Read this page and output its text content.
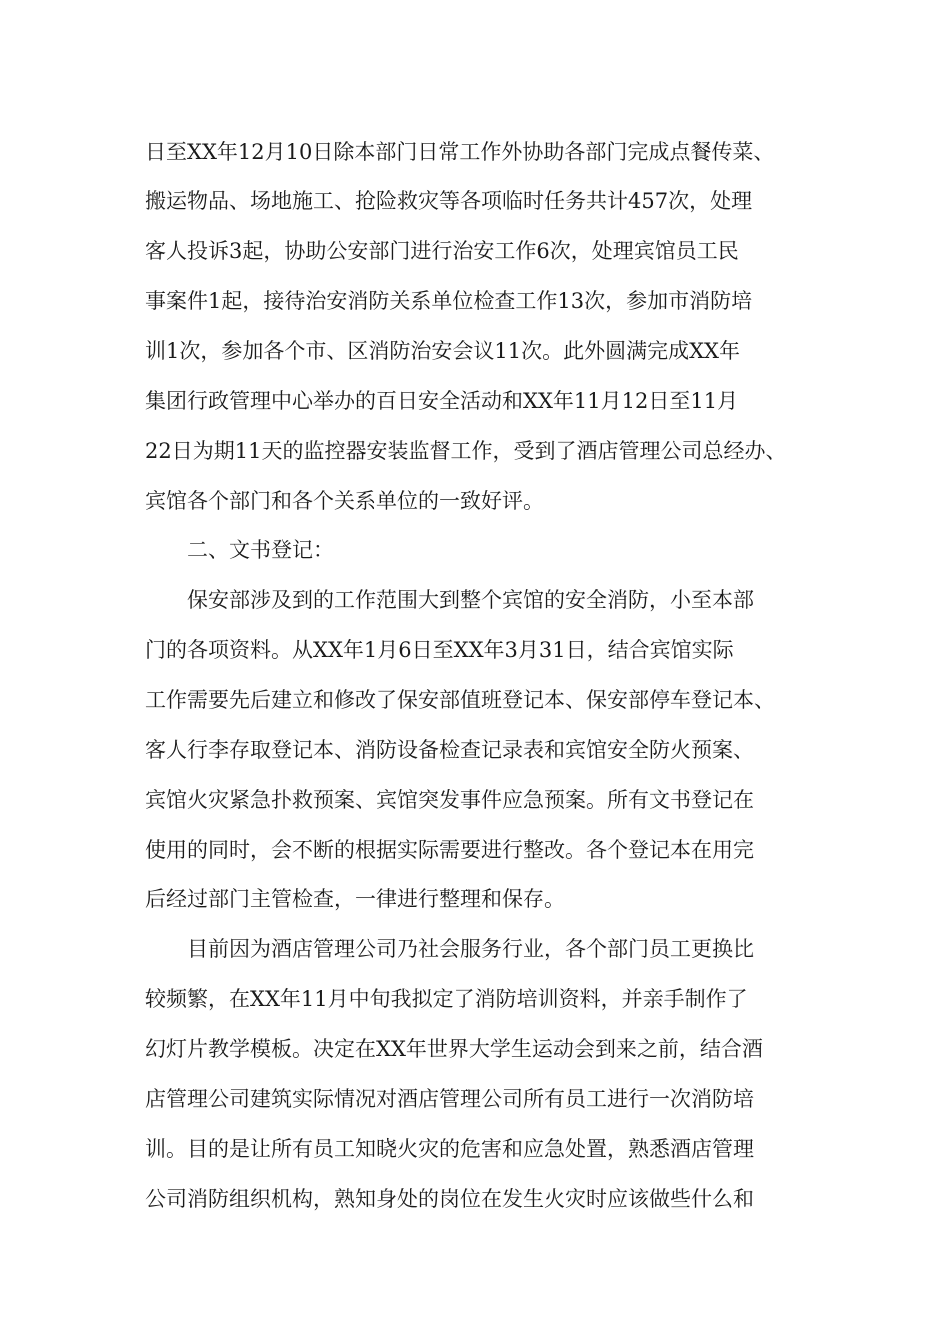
日至XX年12月10日除本部门日常工作外协助各部门完成点餐传菜、
搬运物品、场地施工、抢险救灾等各项临时任务共计457次，处理
客人投诉3起，协助公安部门进行治安工作6次，处理宾馆员工民
事案件1起，接待治安消防关系单位检查工作13次，参加市消防培
训1次，参加各个市、区消防治安会议11次。此外圆满完成XX年
集团行政管理中心举办的百日安全活动和XX年11月12日至11月
22日为期11天的监控器安装监督工作，受到了酒店管理公司总经办、
宾馆各个部门和各个关系单位的一致好评。
二、文书登记：
保安部涉及到的工作范围大到整个宾馆的安全消防，小至本部
门的各项资料。从XX年1月6日至XX年3月31日，结合宾馆实际
工作需要先后建立和修改了保安部值班登记本、保安部停车登记本、
客人行李存取登记本、消防设备检查记录表和宾馆安全防火预案、
宾馆火灾紧急扑救预案、宾馆突发事件应急预案。所有文书登记在
使用的同时，会不断的根据实际需要进行整改。各个登记本在用完
后经过部门主管检查，一律进行整理和保存。
目前因为酒店管理公司乃社会服务行业，各个部门员工更换比
较频繁，在XX年11月中旬我拟定了消防培训资料，并亲手制作了
幻灯片教学模板。决定在XX年世界大学生运动会到来之前，结合酒
店管理公司建筑实际情况对酒店管理公司所有员工进行一次消防培
训。目的是让所有员工知晓火灾的危害和应急处置，熟悉酒店管理
公司消防组织机构，熟知身处的岗位在发生火灾时应该做些什么和
